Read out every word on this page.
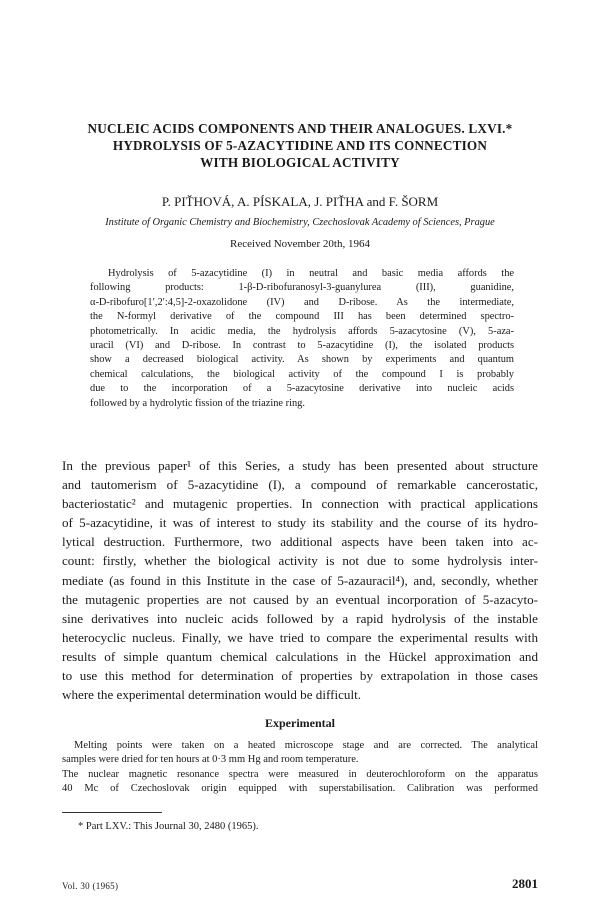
NUCLEIC ACIDS COMPONENTS AND THEIR ANALOGUES. LXVI.*
HYDROLYSIS OF 5-AZACYTIDINE AND ITS CONNECTION
WITH BIOLOGICAL ACTIVITY
P. PIŤHOVÁ, A. PÍSKALA, J. PIŤHA and F. ŠORM
Institute of Organic Chemistry and Biochemistry, Czechoslovak Academy of Sciences, Prague
Received November 20th, 1964
Hydrolysis of 5-azacytidine (I) in neutral and basic media affords the
following products: 1-β-D-ribofuranosyl-3-guanylurea (III), guanidine,
α-D-ribofuro[1′,2′:4,5]-2-oxazolidone (IV) and D-ribose. As the intermediate,
the N-formyl derivative of the compound III has been determined spectro-
photometrically. In acidic media, the hydrolysis affords 5-azacytosine (V), 5-aza-
uracil (VI) and D-ribose. In contrast to 5-azacytidine (I), the isolated products
show a decreased biological activity. As shown by experiments and quantum
chemical calculations, the biological activity of the compound I is probably
due to the incorporation of a 5-azacytosine derivative into nucleic acids
followed by a hydrolytic fission of the triazine ring.
In the previous paper¹ of this Series, a study has been presented about structure
and tautomerism of 5-azacytidine (I), a compound of remarkable cancerostatic,
bacteriostatic² and mutagenic properties. In connection with practical applications
of 5-azacytidine, it was of interest to study its stability and the course of its hydro-
lytical destruction. Furthermore, two additional aspects have been taken into ac-
count: firstly, whether the biological activity is not due to some hydrolysis inter-
mediate (as found in this Institute in the case of 5-azauracil⁴), and, secondly, whether
the mutagenic properties are not caused by an eventual incorporation of 5-azacyto-
sine derivatives into nucleic acids followed by a rapid hydrolysis of the instable
heterocyclic nucleus. Finally, we have tried to compare the experimental results with
results of simple quantum chemical calculations in the Hückel approximation and
to use this method for determination of properties by extrapolation in those cases
where the experimental determination would be difficult.
Experimental
Melting points were taken on a heated microscope stage and are corrected. The analytical
samples were dried for ten hours at 0·3 mm Hg and room temperature.
The nuclear magnetic resonance spectra were measured in deuterochloroform on the apparatus
40 Mc of Czechoslovak origin equipped with superstabilisation. Calibration was performed
* Part LXV.: This Journal 30, 2480 (1965).
Vol. 30 (1965)	2801
